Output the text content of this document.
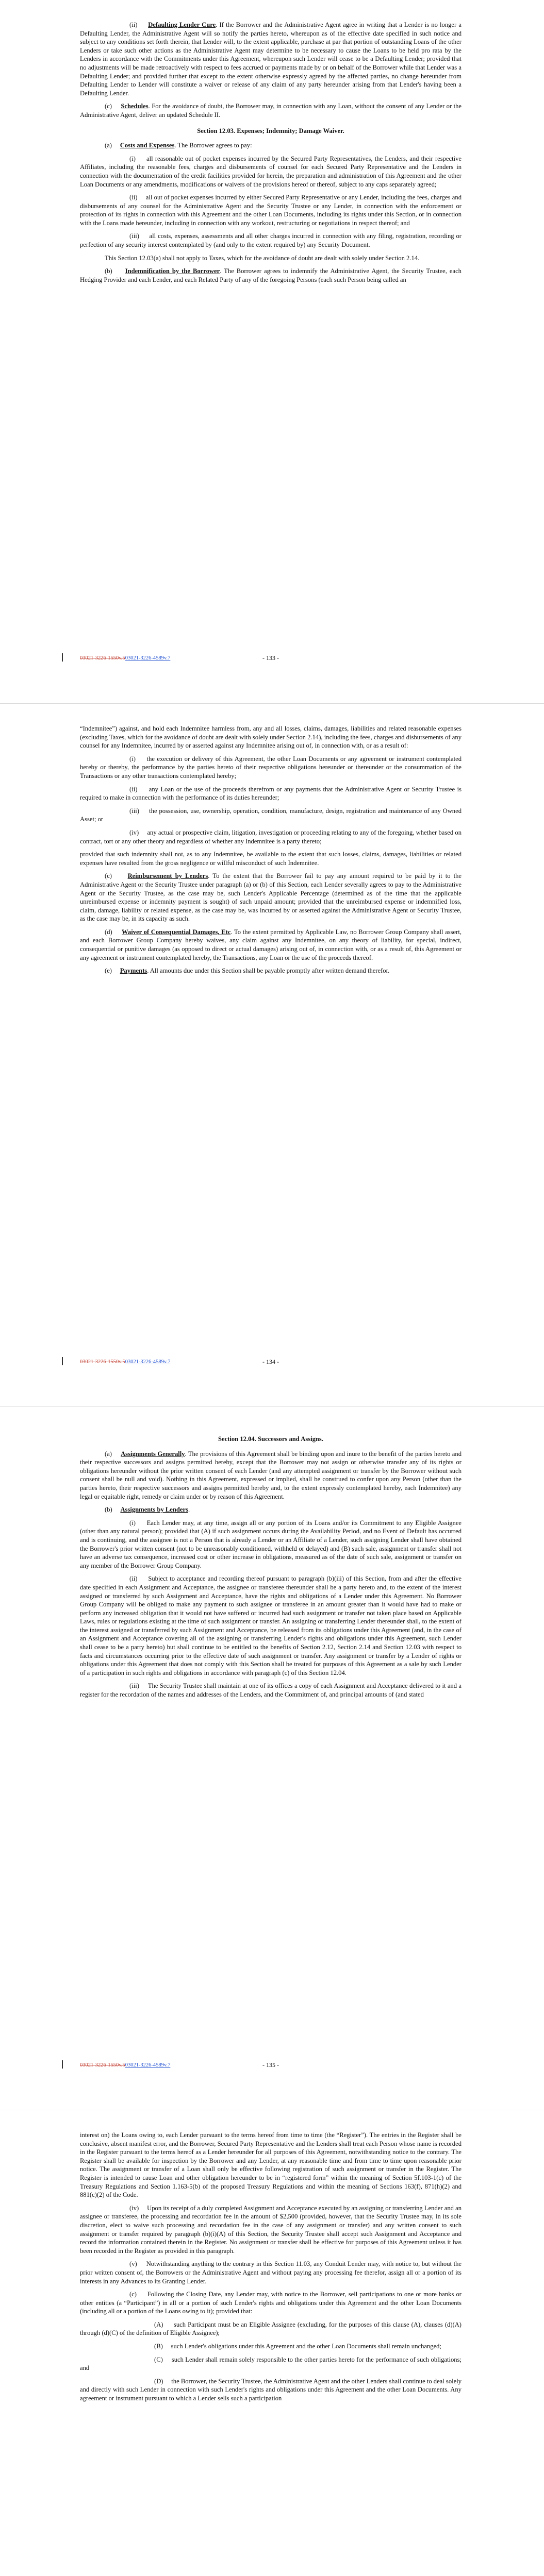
(ii) Defaulting Lender Cure. If the Borrower and the Administrative Agent agree in writing that a Lender is no longer a Defaulting Lender, the Administrative Agent will so notify the parties hereto, whereupon as of the effective date specified in such notice and subject to any conditions set forth therein, that Lender will, to the extent applicable, purchase at par that portion of outstanding Loans of the other Lenders or take such other actions as the Administrative Agent may determine to be necessary to cause the Loans to be held pro rata by the Lenders in accordance with the Commitments under this Agreement, whereupon such Lender will cease to be a Defaulting Lender; provided that no adjustments will be made retroactively with respect to fees accrued or payments made by or on behalf of the Borrower while that Lender was a Defaulting Lender; and provided further that except to the extent otherwise expressly agreed by the affected parties, no change hereunder from Defaulting Lender to Lender will constitute a waiver or release of any claim of any party hereunder arising from that Lender's having been a Defaulting Lender.

(c) Schedules. For the avoidance of doubt, the Borrower may, in connection with any Loan, without the consent of any Lender or the Administrative Agent, deliver an updated Schedule II.

Section 12.03. Expenses; Indemnity; Damage Waiver.

(a) Costs and Expenses. The Borrower agrees to pay:

(i) all reasonable out of pocket expenses incurred by the Secured Party Representatives, the Lenders, and their respective Affiliates, including the reasonable fees, charges and disbursements of counsel for each Secured Party Representative and the Lenders in connection with the documentation of the credit facilities provided for herein, the preparation and administration of this Agreement and the other Loan Documents or any amendments, modifications or waivers of the provisions hereof or thereof, subject to any caps separately agreed;

(ii) all out of pocket expenses incurred by either Secured Party Representative or any Lender, including the fees, charges and disbursements of any counsel for the Administrative Agent and the Security Trustee or any Lender, in connection with the enforcement or protection of its rights in connection with this Agreement and the other Loan Documents, including its rights under this Section, or in connection with the Loans made hereunder, including in connection with any workout, restructuring or negotiations in respect thereof; and

(iii) all costs, expenses, assessments and all other charges incurred in connection with any filing, registration, recording or perfection of any security interest contemplated by (and only to the extent required by) any Security Document.

This Section 12.03(a) shall not apply to Taxes, which for the avoidance of doubt are dealt with solely under Section 2.14.

(b) Indemnification by the Borrower. The Borrower agrees to indemnify the Administrative Agent, the Security Trustee, each Hedging Provider and each Lender, and each Related Party of any of the foregoing Persons (each such Person being called an

- 133 -
03021-3226-1550v.503021-3226-4589v.7

“Indemnitee”) against, and hold each Indemnitee harmless from, any and all losses, claims, damages, liabilities and related reasonable expenses (excluding Taxes, which for the avoidance of doubt are dealt with solely under Section 2.14), including the fees, charges and disbursements of any counsel for any Indemnitee, incurred by or asserted against any Indemnitee arising out of, in connection with, or as a result of:

(i) the execution or delivery of this Agreement, the other Loan Documents or any agreement or instrument contemplated hereby or thereby, the performance by the parties hereto of their respective obligations hereunder or thereunder or the consummation of the Transactions or any other transactions contemplated hereby;

(ii) any Loan or the use of the proceeds therefrom or any payments that the Administrative Agent or Security Trustee is required to make in connection with the performance of its duties hereunder;

(iii) the possession, use, ownership, operation, condition, manufacture, design, registration and maintenance of any Owned Asset; or

(iv) any actual or prospective claim, litigation, investigation or proceeding relating to any of the foregoing, whether based on contract, tort or any other theory and regardless of whether any Indemnitee is a party thereto;

provided that such indemnity shall not, as to any Indemnitee, be available to the extent that such losses, claims, damages, liabilities or related expenses have resulted from the gross negligence or willful misconduct of such Indemnitee.

(c) Reimbursement by Lenders. To the extent that the Borrower fail to pay any amount required to be paid by it to the Administrative Agent or the Security Trustee under paragraph (a) or (b) of this Section, each Lender severally agrees to pay to the Administrative Agent or the Security Trustee, as the case may be, such Lender's Applicable Percentage (determined as of the time that the applicable unreimbursed expense or indemnity payment is sought) of such unpaid amount; provided that the unreimbursed expense or indemnified loss, claim, damage, liability or related expense, as the case may be, was incurred by or asserted against the Administrative Agent or Security Trustee, as the case may be, in its capacity as such.

(d) Waiver of Consequential Damages, Etc. To the extent permitted by Applicable Law, no Borrower Group Company shall assert, and each Borrower Group Company hereby waives, any claim against any Indemnitee, on any theory of liability, for special, indirect, consequential or punitive damages (as opposed to direct or actual damages) arising out of, in connection with, or as a result of, this Agreement or any agreement or instrument contemplated hereby, the Transactions, any Loan or the use of the proceeds thereof.

(e) Payments. All amounts due under this Section shall be payable promptly after written demand therefor.

- 134 -
03021-3226-1550v.503021-3226-4589v.7

Section 12.04. Successors and Assigns.

(a) Assignments Generally. The provisions of this Agreement shall be binding upon and inure to the benefit of the parties hereto and their respective successors and assigns permitted hereby, except that the Borrower may not assign or otherwise transfer any of its rights or obligations hereunder without the prior written consent of each Lender (and any attempted assignment or transfer by the Borrower without such consent shall be null and void). Nothing in this Agreement, expressed or implied, shall be construed to confer upon any Person (other than the parties hereto, their respective successors and assigns permitted hereby and, to the extent expressly contemplated hereby, each Indemnitee) any legal or equitable right, remedy or claim under or by reason of this Agreement.

(b) Assignments by Lenders.

(i) Each Lender may, at any time, assign all or any portion of its Loans and/or its Commitment to any Eligible Assignee (other than any natural person); provided that (A) if such assignment occurs during the Availability Period, and no Event of Default has occurred and is continuing, and the assignee is not a Person that is already a Lender or an Affiliate of a Lender, such assigning Lender shall have obtained the Borrower's prior written consent (not to be unreasonably conditioned, withheld or delayed) and (B) such sale, assignment or transfer shall not have an adverse tax consequence, increased cost or other increase in obligations, measured as of the date of such sale, assignment or transfer on any member of the Borrower Group Company.

(ii) Subject to acceptance and recording thereof pursuant to paragraph (b)(iii) of this Section, from and after the effective date specified in each Assignment and Acceptance, the assignee or transferee thereunder shall be a party hereto and, to the extent of the interest assigned or transferred by such Assignment and Acceptance, have the rights and obligations of a Lender under this Agreement. No Borrower Group Company will be obliged to make any payment to such assignee or transferee in an amount greater than it would have had to make or perform any increased obligation that it would not have suffered or incurred had such assignment or transfer not taken place based on Applicable Laws, rules or regulations existing at the time of such assignment or transfer. An assigning or transferring Lender thereunder shall, to the extent of the interest assigned or transferred by such Assignment and Acceptance, be released from its obligations under this Agreement (and, in the case of an Assignment and Acceptance covering all of the assigning or transferring Lender's rights and obligations under this Agreement, such Lender shall cease to be a party hereto) but shall continue to be entitled to the benefits of Section 2.12, Section 2.14 and Section 12.03 with respect to facts and circumstances occurring prior to the effective date of such assignment or transfer. Any assignment or transfer by a Lender of rights or obligations under this Agreement that does not comply with this Section shall be treated for purposes of this Agreement as a sale by such Lender of a participation in such rights and obligations in accordance with paragraph (c) of this Section 12.04.

(iii) The Security Trustee shall maintain at one of its offices a copy of each Assignment and Acceptance delivered to it and a register for the recordation of the names and addresses of the Lenders, and the Commitment of, and principal amounts of (and stated

- 135 -
03021-3226-1550v.503021-3226-4589v.7

interest on) the Loans owing to, each Lender pursuant to the terms hereof from time to time (the “Register”). The entries in the Register shall be conclusive, absent manifest error, and the Borrower, Secured Party Representative and the Lenders shall treat each Person whose name is recorded in the Register pursuant to the terms hereof as a Lender hereunder for all purposes of this Agreement, notwithstanding notice to the contrary. The Register shall be available for inspection by the Borrower and any Lender, at any reasonable time and from time to time upon reasonable prior notice. The assignment or transfer of a Loan shall only be effective following registration of such assignment or transfer in the Register. The Register is intended to cause Loan and other obligation hereunder to be in “registered form” within the meaning of Section 5f.103-1(c) of the Treasury Regulations and Section 1.163-5(b) of the proposed Treasury Regulations and within the meaning of Sections 163(f), 871(h)(2) and 881(c)(2) of the Code.

(iv) Upon its receipt of a duly completed Assignment and Acceptance executed by an assigning or transferring Lender and an assignee or transferee, the processing and recordation fee in the amount of $2,500 (provided, however, that the Security Trustee may, in its sole discretion, elect to waive such processing and recordation fee in the case of any assignment or transfer) and any written consent to such assignment or transfer required by paragraph (b)(i)(A) of this Section, the Security Trustee shall accept such Assignment and Acceptance and record the information contained therein in the Register. No assignment or transfer shall be effective for purposes of this Agreement unless it has been recorded in the Register as provided in this paragraph.

(v) Notwithstanding anything to the contrary in this Section 11.03, any Conduit Lender may, with notice to, but without the prior written consent of, the Borrowers or the Administrative Agent and without paying any processing fee therefor, assign all or a portion of its interests in any Advances to its Granting Lender.

(c) Following the Closing Date, any Lender may, with notice to the Borrower, sell participations to one or more banks or other entities (a “Participant”) in all or a portion of such Lender's rights and obligations under this Agreement and the other Loan Documents (including all or a portion of the Loans owing to it); provided that:

(A) such Participant must be an Eligible Assignee (excluding, for the purposes of this clause (A), clauses (d)(A) through (d)(C) of the definition of Eligible Assignee);

(B) such Lender's obligations under this Agreement and the other Loan Documents shall remain unchanged;

(C) such Lender shall remain solely responsible to the other parties hereto for the performance of such obligations; and

(D) the Borrower, the Security Trustee, the Administrative Agent and the other Lenders shall continue to deal solely and directly with such Lender in connection with such Lender's rights and obligations under this Agreement and the other Loan Documents. Any agreement or instrument pursuant to which a Lender sells such a participation
